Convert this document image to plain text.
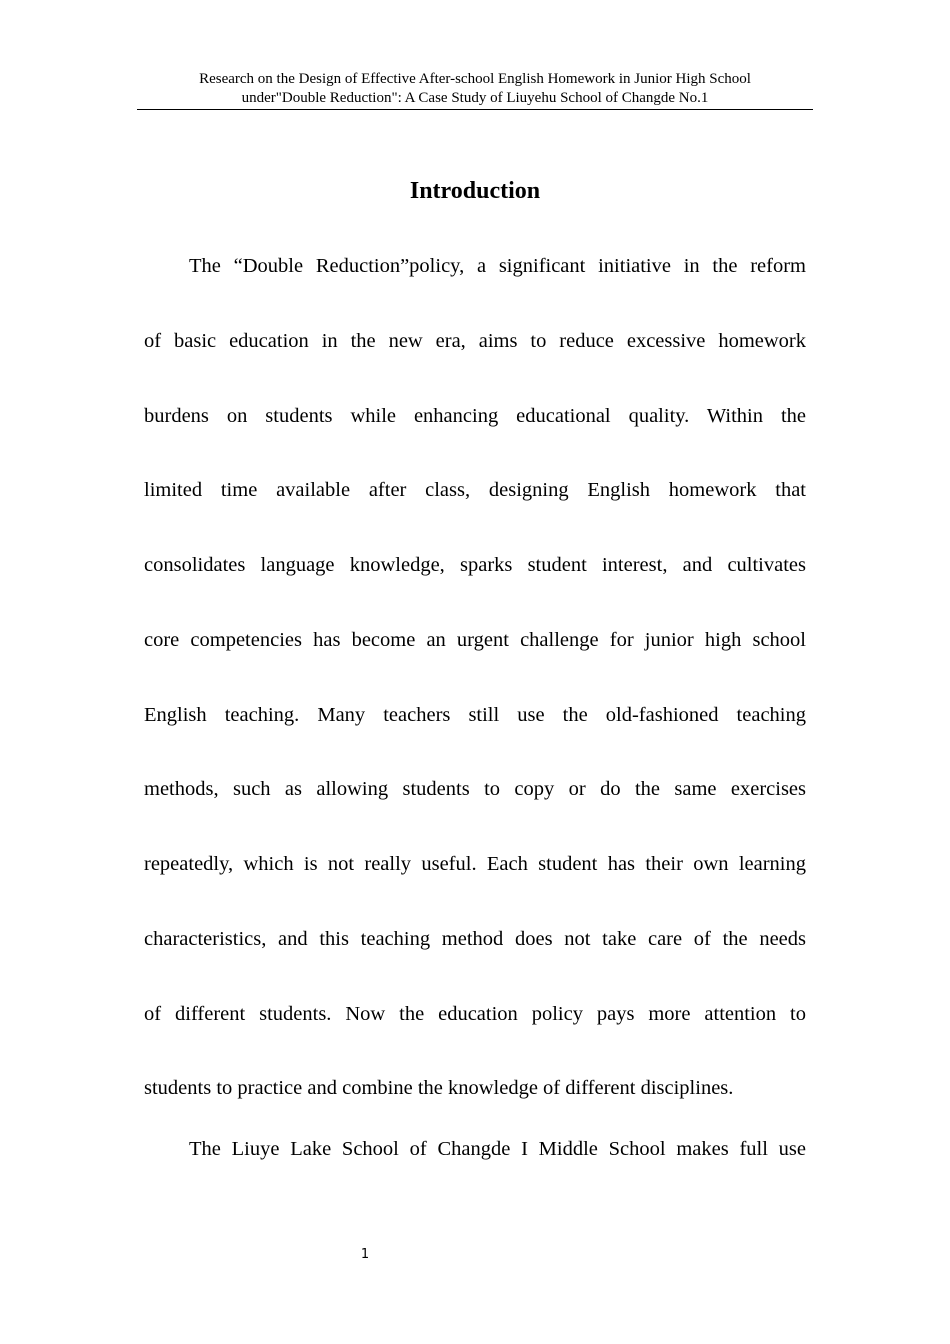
Research on the Design of Effective After-school English Homework in Junior High School
under"Double Reduction": A Case Study of Liuyehu School of Changde No.1
Introduction
The “Double Reduction”policy, a significant initiative in the reform
of basic education in the new era, aims to reduce excessive homework
burdens on students while enhancing educational quality. Within the
limited time available after class, designing English homework that
consolidates language knowledge, sparks student interest, and cultivates
core competencies has become an urgent challenge for junior high school
English teaching. Many teachers still use the old-fashioned teaching
methods, such as allowing students to copy or do the same exercises
repeatedly, which is not really useful. Each student has their own learning
characteristics, and this teaching method does not take care of the needs
of different students. Now the education policy pays more attention to
students to practice and combine the knowledge of different disciplines.
The Liuye Lake School of Changde I Middle School makes full use
1
